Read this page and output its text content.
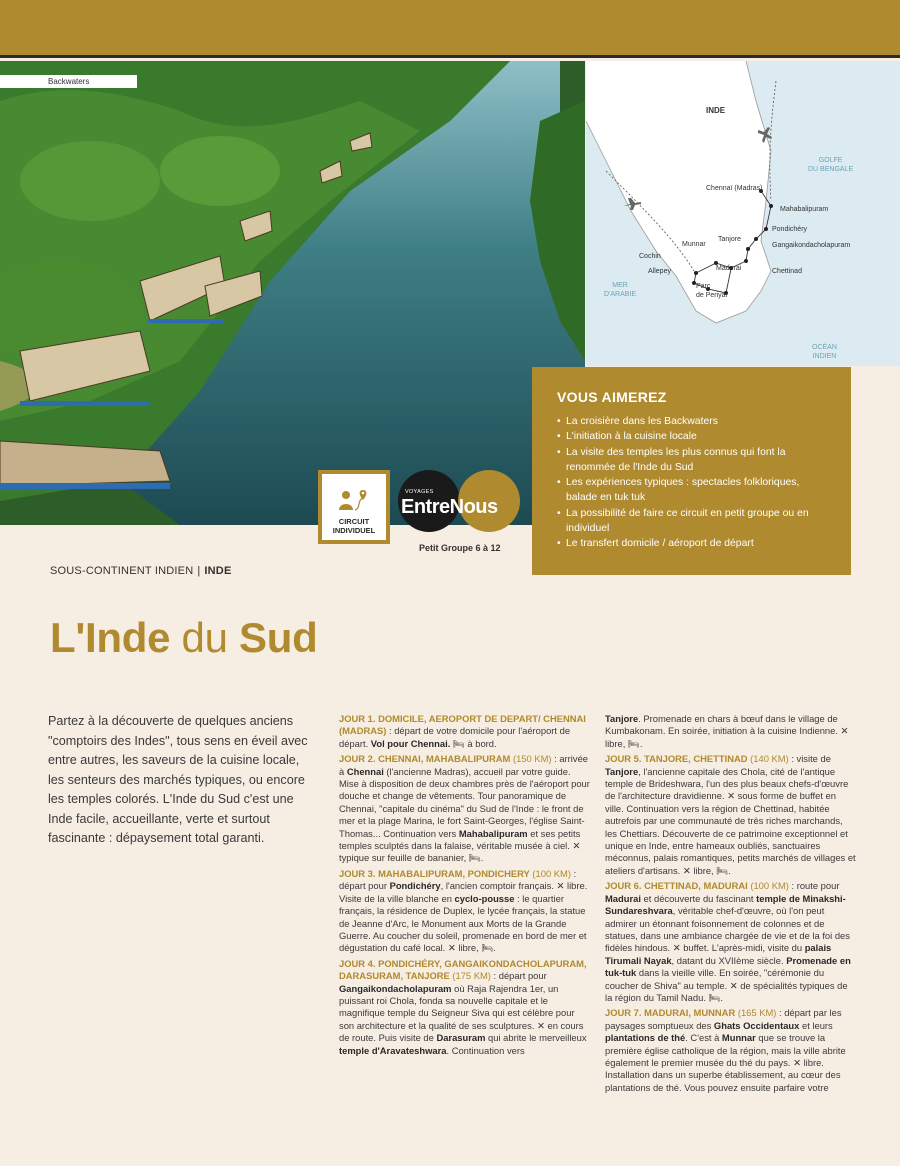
Backwaters
INDE
GOLFE
DU BENGALE
MER
D'ARABIE
OCÉAN
INDIEN
Chennaï (Madras)
Mahabalipuram
Pondichéry
Tanjore
Gangaikondacholapuram
Munnar
Cochin
Allepey	Madurai	Chettinad
Parc
de Periyar
VOUS AIMEREZ
• La croisière dans les Backwaters
• L'initiation à la cuisine locale
• La visite des temples les plus connus qui font la renommée de l'Inde du Sud
• Les expériences typiques : spectacles folkloriques, balade en tuk tuk
• La possibilité de faire ce circuit en petit groupe ou en individuel
• Le transfert domicile / aéroport de départ
CIRCUIT
INDIVIDUEL
VOYAGES
EntreNous
Petit Groupe 6 à 12
SOUS-CONTINENT INDIEN | INDE
L'Inde du Sud
Partez à la découverte de quelques anciens "comptoirs des Indes", tous sens en éveil avec entre autres, les saveurs de la cuisine locale, les senteurs des marchés typiques, ou encore les temples colorés. L'Inde du Sud c'est une Inde facile, accueillante, verte et surtout fascinante : dépaysement total garanti.
JOUR 1. DOMICILE, AEROPORT DE DEPART/ CHENNAI (MADRAS) : départ de votre domicile pour l'aéroport de départ. Vol pour Chennai. 🛏 à bord.
JOUR 2. CHENNAI, MAHABALIPURAM (150 KM) : arrivée à Chennai (l'ancienne Madras), accueil par votre guide. Mise à disposition de deux chambres près de l'aéroport pour douche et change de vêtements. Tour panoramique de Chennai, "capitale du cinéma" du Sud de l'Inde : le front de mer et la plage Marina, le fort Saint-Georges, l'église Saint-Thomas... Continuation vers Mahabalipuram et ses petits temples sculptés dans la falaise, véritable musée à ciel. ✕ typique sur feuille de bananier, 🛏.
JOUR 3. MAHABALIPURAM, PONDICHERY (100 KM) : départ pour Pondichéry, l'ancien comptoir français. ✕ libre. Visite de la ville blanche en cyclo-pousse : le quartier français, la résidence de Duplex, le lycée français, la statue de Jeanne d'Arc, le Monument aux Morts de la Grande Guerre. Au coucher du soleil, promenade en bord de mer et dégustation du café local. ✕ libre, 🛏.
JOUR 4. PONDICHÉRY, GANGAIKONDACHOLAPURAM, DARASURAM, TANJORE (175 KM) : départ pour Gangaikondacholapuram où Raja Rajendra 1er, un puissant roi Chola, fonda sa nouvelle capitale et le magnifique temple du Seigneur Siva qui est célèbre pour son architecture et la qualité de ses sculptures. ✕ en cours de route. Puis visite de Darasuram qui abrite le merveilleux temple d'Aravateshwara. Continuation vers
Tanjore. Promenade en chars à bœuf dans le village de Kumbakonam. En soirée, initiation à la cuisine Indienne. ✕ libre, 🛏.
JOUR 5. TANJORE, CHETTINAD (140 KM) : visite de Tanjore, l'ancienne capitale des Chola, cité de l'antique temple de Brideshwara, l'un des plus beaux chefs-d'œuvre de l'architecture dravidienne. ✕ sous forme de buffet en ville. Continuation vers la région de Chettinad, habitée autrefois par une communauté de très riches marchands, les Chettiars. Découverte de ce patrimoine exceptionnel et unique en Inde, entre hameaux oubliés, sanctuaires méconnus, palais romantiques, petits marchés de villages et ateliers d'artisans. ✕ libre, 🛏.
JOUR 6. CHETTINAD, MADURAI (100 KM) : route pour Madurai et découverte du fascinant temple de Minakshi-Sundareshvara, véritable chef-d'œuvre, où l'on peut admirer un étonnant foisonnement de colonnes et de statues, dans une ambiance chargée de vie et de la foi des fidèles hindous. ✕ buffet. L'après-midi, visite du palais Tirumali Nayak, datant du XVIIème siècle. Promenade en tuk-tuk dans la vieille ville. En soirée, "cérémonie du coucher de Shiva" au temple. ✕ de spécialités typiques de la région du Tamil Nadu. 🛏.
JOUR 7. MADURAI, MUNNAR (165 KM) : départ par les paysages somptueux des Ghats Occidentaux et leurs plantations de thé. C'est à Munnar que se trouve la première église catholique de la région, mais la ville abrite également le premier musée du thé du pays. ✕ libre. Installation dans un superbe établissement, au cœur des plantations de thé. Vous pouvez ensuite parfaire votre
